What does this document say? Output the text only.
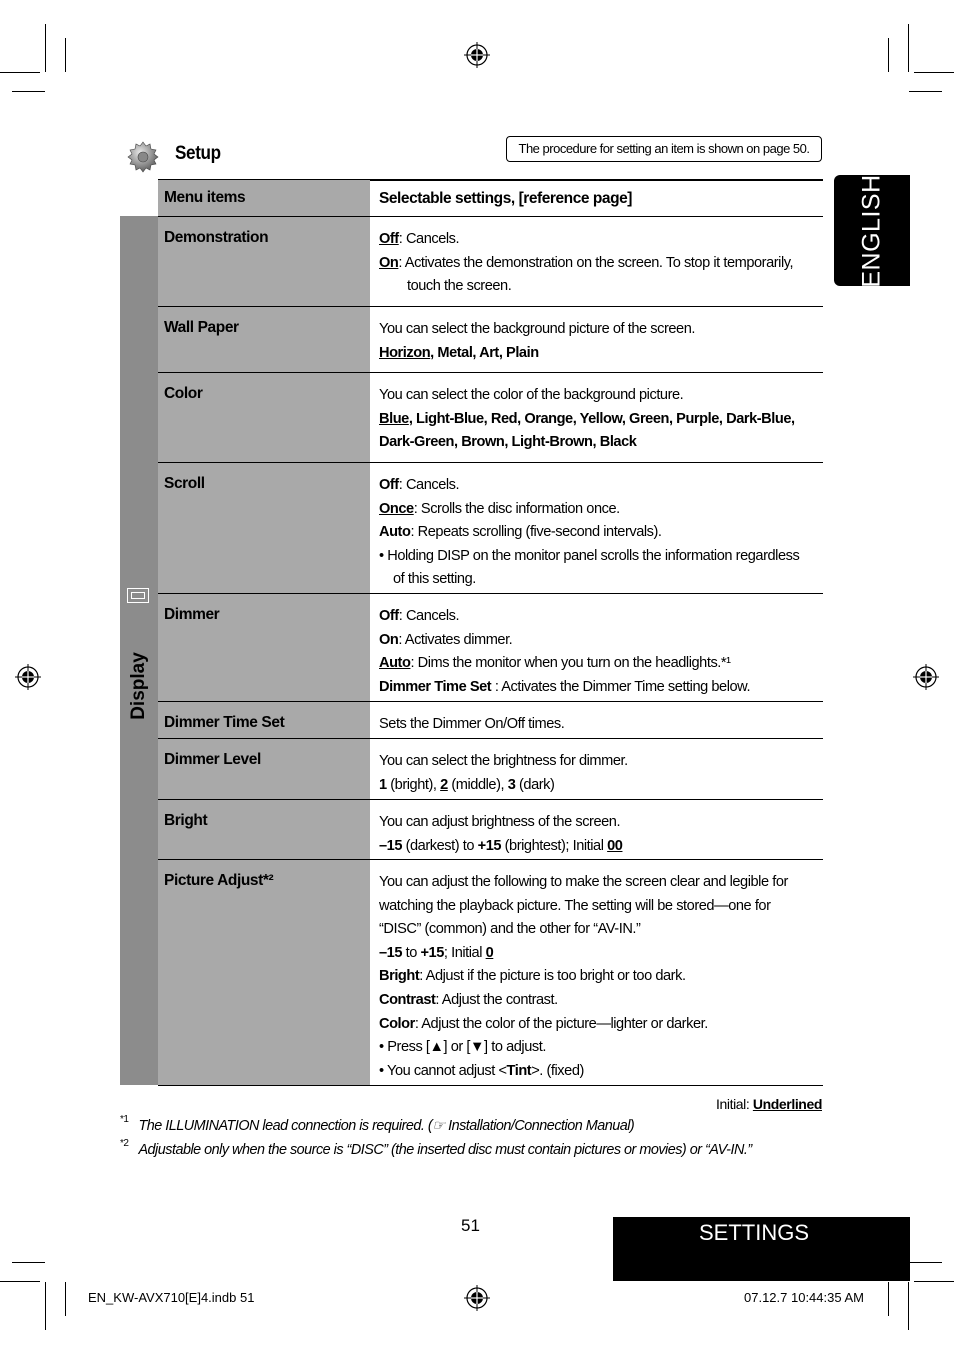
Setup	The procedure for setting an item is shown on page 50.
ENGLISH
Menu items	Selectable settings, [reference page]
Display
Demonstration	Off: Cancels.
On: Activates the demonstration on the screen. To stop it temporarily,
touch the screen.
Wall Paper	You can select the background picture of the screen.
Horizon, Metal, Art, Plain
Color	You can select the color of the background picture.
Blue, Light-Blue, Red, Orange, Yellow, Green, Purple, Dark-Blue,
Dark-Green, Brown, Light-Brown, Black
Scroll	Off: Cancels.
Once: Scrolls the disc information once.
Auto: Repeats scrolling (five-second intervals).
• Holding DISP on the monitor panel scrolls the information regardless
of this setting.
Dimmer	Off: Cancels.
On: Activates dimmer.
Auto: Dims the monitor when you turn on the headlights.*¹
Dimmer Time Set : Activates the Dimmer Time setting below.
Dimmer Time Set	Sets the Dimmer On/Off times.
Dimmer Level	You can select the brightness for dimmer.
1 (bright), 2 (middle), 3 (dark)
Bright	You can adjust brightness of the screen.
–15 (darkest) to +15 (brightest); Initial 00
Picture Adjust*²	You can adjust the following to make the screen clear and legible for
watching the playback picture. The setting will be stored—one for
“DISC” (common) and the other for “AV-IN.”
–15 to +15; Initial 0
Bright: Adjust if the picture is too bright or too dark.
Contrast: Adjust the contrast.
Color: Adjust the color of the picture—lighter or darker.
• Press [▲] or [▼] to adjust.
• You cannot adjust <Tint>. (fixed)
Initial: Underlined
$^{*1}$ The ILLUMINATION lead connection is required. (☞ Installation/Connection Manual)
$^{*2}$ Adjustable only when the source is “DISC” (the inserted disc must contain pictures or movies) or “AV-IN.”
51	SETTINGS
EN_KW-AVX710[E]4.indb 51	07.12.7 10:44:35 AM
